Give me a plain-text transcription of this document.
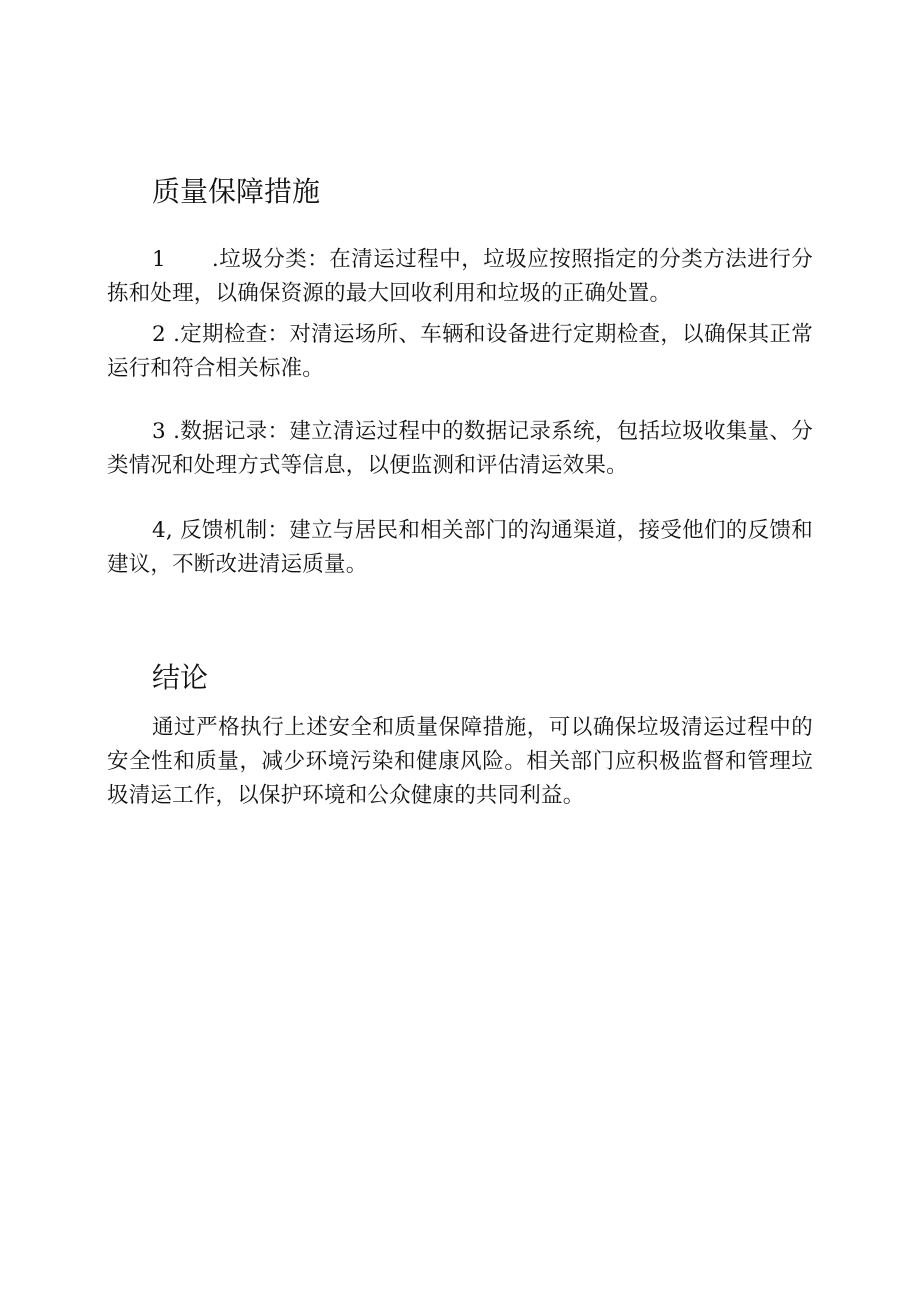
质量保障措施

1 .垃圾分类：在清运过程中，垃圾应按照指定的分类方法进行分拣和处理，以确保资源的最大回收利用和垃圾的正确处置。

2 .定期检查：对清运场所、车辆和设备进行定期检查，以确保其正常运行和符合相关标准。

3 .数据记录：建立清运过程中的数据记录系统，包括垃圾收集量、分类情况和处理方式等信息，以便监测和评估清运效果。

4, 反馈机制：建立与居民和相关部门的沟通渠道，接受他们的反馈和建议，不断改进清运质量。

结论

通过严格执行上述安全和质量保障措施，可以确保垃圾清运过程中的安全性和质量，减少环境污染和健康风险。相关部门应积极监督和管理垃圾清运工作，以保护环境和公众健康的共同利益。
